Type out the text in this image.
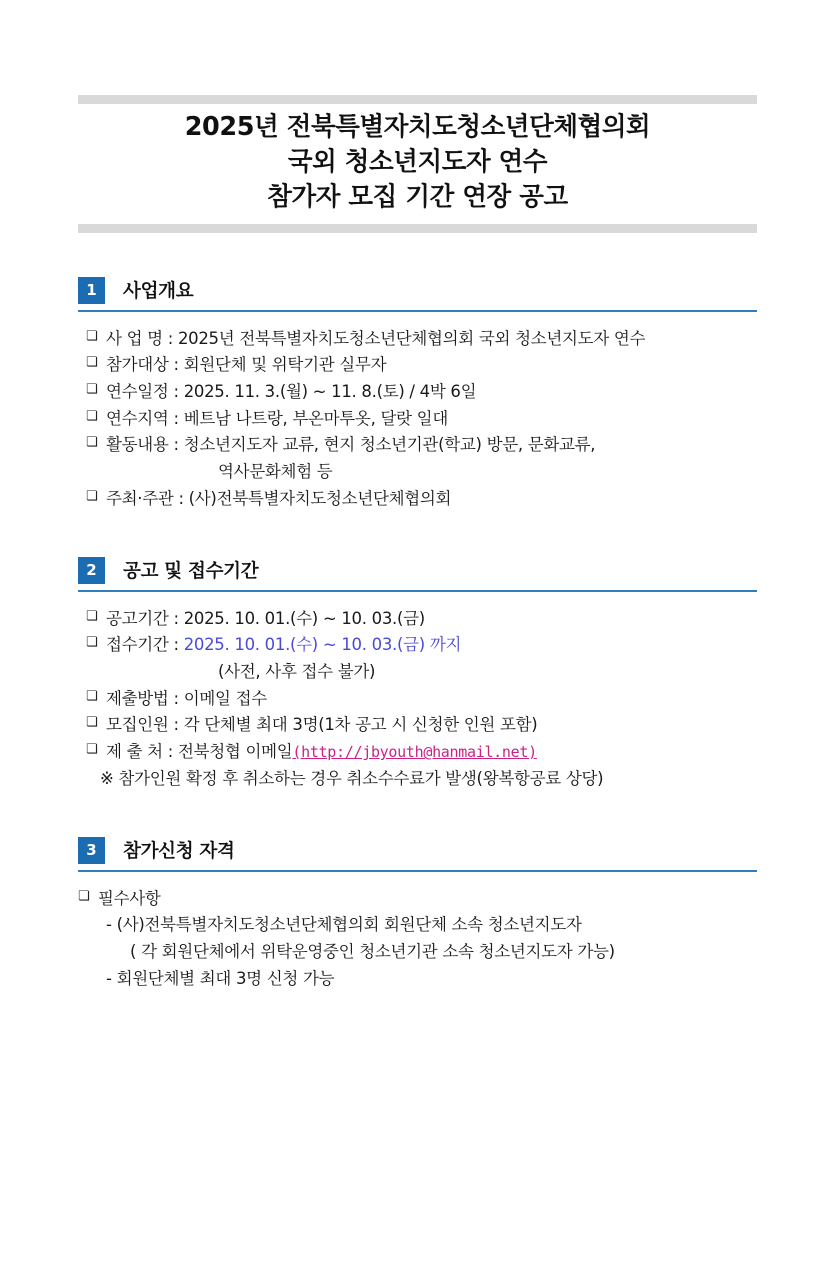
2025년 전북특별자치도청소년단체협의회
국외 청소년지도자 연수
참가자 모집 기간 연장 공고
1	사업개요
❏ 사 업 명 : 2025년 전북특별자치도청소년단체협의회 국외 청소년지도자 연수
❏ 참가대상 : 회원단체 및 위탁기관 실무자
❏ 연수일정 : 2025. 11. 3.(월) ~ 11. 8.(토) / 4박 6일
❏ 연수지역 : 베트남 나트랑, 부온마투옷, 달랏 일대
❏ 활동내용 : 청소년지도자 교류, 현지 청소년기관(학교) 방문, 문화교류,
역사문화체험 등
❏ 주최·주관 : (사)전북특별자치도청소년단체협의회
2	공고 및 접수기간
❏ 공고기간 : 2025. 10. 01.(수) ~ 10. 03.(금)
❏ 접수기간 : 2025. 10. 01.(수) ~ 10. 03.(금) 까지
(사전, 사후 접수 불가)
❏ 제출방법 : 이메일 접수
❏ 모집인원 : 각 단체별 최대 3명(1차 공고 시 신청한 인원 포함)
❏ 제 출 처 : 전북청협 이메일(http://jbyouth@hanmail.net)
※ 참가인원 확정 후 취소하는 경우 취소수수료가 발생(왕복항공료 상당)
3	참가신청 자격
❏ 필수사항
- (사)전북특별자치도청소년단체협의회 회원단체 소속 청소년지도자
( 각 회원단체에서 위탁운영중인 청소년기관 소속 청소년지도자 가능)
- 회원단체별 최대 3명 신청 가능
